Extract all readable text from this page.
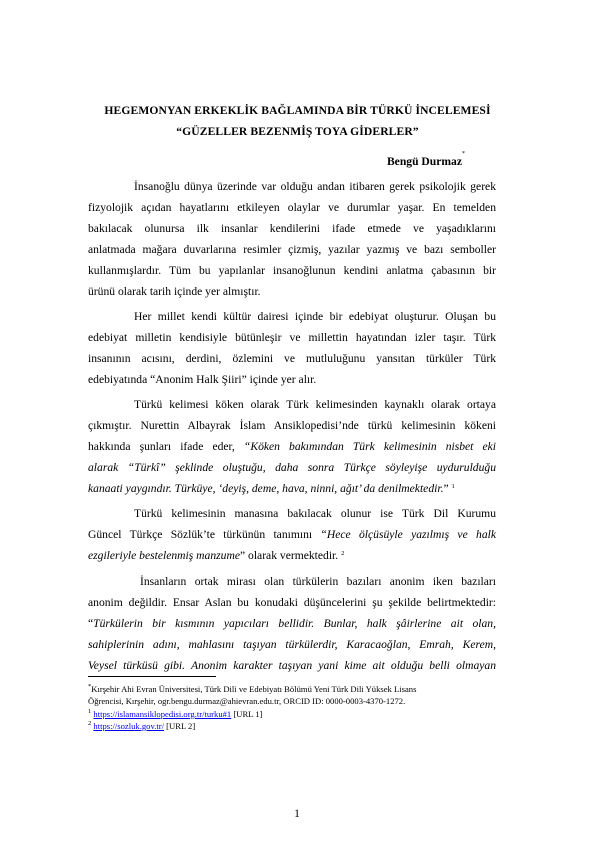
HEGEMONYAN ERKEKLİK BAĞLAMINDA BİR TÜRKÜ İNCELEMESİ
“GÜZELLER BEZENMİŞ TOYA GİDERLER”
Bengü Durmaz*
İnsanoğlu dünya üzerinde var olduğu andan itibaren gerek psikolojik gerek
fizyolojik açıdan hayatlarını etkileyen olaylar ve durumlar yaşar. En temelden
bakılacak olunursa ilk insanlar kendilerini ifade etmede ve yaşadıklarını
anlatmada mağara duvarlarına resimler çizmiş, yazılar yazmış ve bazı semboller
kullanmışlardır. Tüm bu yapılanlar insanoğlunun kendini anlatma çabasının bir
ürünü olarak tarih içinde yer almıştır.
Her millet kendi kültür dairesi içinde bir edebiyat oluşturur. Oluşan bu
edebiyat milletin kendisiyle bütünleşir ve millettin hayatından izler taşır. Türk
insanının acısını, derdini, özlemini ve mutluluğunu yansıtan türküler Türk
edebiyatında “Anonim Halk Şiiri” içinde yer alır.
Türkü kelimesi köken olarak Türk kelimesinden kaynaklı olarak ortaya
çıkmıştır. Nurettin Albayrak İslam Ansiklopedisi’nde türkü kelimesinin kökeni
hakkında şunları ifade eder, “Köken bakımından Türk kelimesinin nisbet eki
alarak “Türkî” şeklinde oluştuğu, daha sonra Türkçe söyleyişe uydurulduğu
kanaati yaygındır. Türküye, ‘deyiş, deme, hava, ninni, ağıt’ da denilmektedir.” $^1$
Türkü kelimesinin manasına bakılacak olunur ise Türk Dil Kurumu
Güncel Türkçe Sözlük’te türkünün tanımını “Hece ölçüsüyle yazılmış ve halk
ezgileriyle bestelenmiş manzume” olarak vermektedir. $^2$
İnsanların ortak mirası olan türkülerin bazıları anonim iken bazıları
anonim değildir. Ensar Aslan bu konudaki düşüncelerini şu şekilde belirtmektedir:
“Türkülerin bir kısmının yapıcıları bellidir. Bunlar, halk şâirlerine ait olan,
sahiplerinin adını, mahlasını taşıyan türkülerdir, Karacaoğlan, Emrah, Kerem,
Veysel türküsü gibi. Anonim karakter taşıyan yani kime ait olduğu belli olmayan
*Kırşehir Ahi Evran Üniversitesi, Türk Dili ve Edebiyatı Bölümü Yeni Türk Dili Yüksek Lisans
Öğrencisi, Kırşehir, ogr.bengu.durmaz@ahievran.edu.tr, ORCID ID: 0000-0003-4370-1272.
$^1$ https://islamansiklopedisi.org.tr/turku#1 [URL 1]
$^2$ https://sozluk.gov.tr/ [URL 2]
1
